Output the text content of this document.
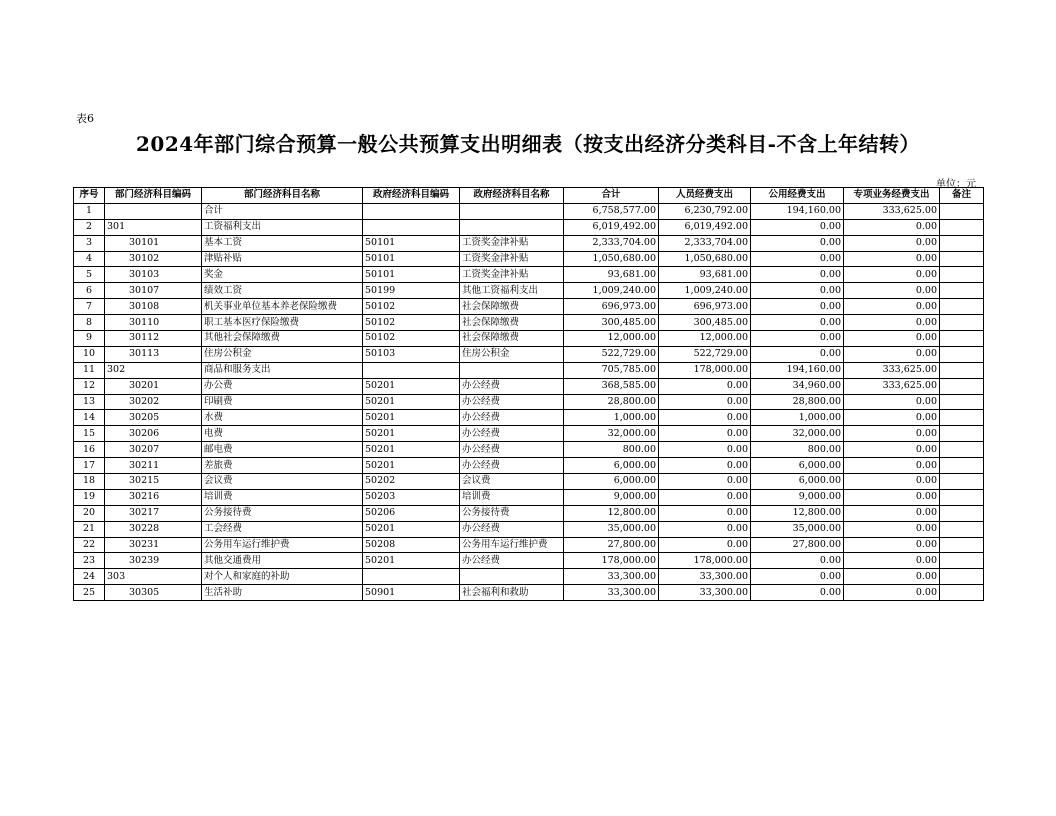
表6
2024年部门综合预算一般公共预算支出明细表（按支出经济分类科目-不含上年结转）
单位：元
序号	部门经济科目编码	部门经济科目名称	政府经济科目编码	政府经济科目名称	合计	人员经费支出	公用经费支出	专项业务经费支出	备注
1		合计			6,758,577.00	6,230,792.00	194,160.00	333,625.00	
2	301	工资福利支出			6,019,492.00	6,019,492.00	0.00	0.00	
3	30101	基本工资	50101	工资奖金津补贴	2,333,704.00	2,333,704.00	0.00	0.00	
4	30102	津贴补贴	50101	工资奖金津补贴	1,050,680.00	1,050,680.00	0.00	0.00	
5	30103	奖金	50101	工资奖金津补贴	93,681.00	93,681.00	0.00	0.00	
6	30107	绩效工资	50199	其他工资福利支出	1,009,240.00	1,009,240.00	0.00	0.00	
7	30108	机关事业单位基本养老保险缴费	50102	社会保障缴费	696,973.00	696,973.00	0.00	0.00	
8	30110	职工基本医疗保险缴费	50102	社会保障缴费	300,485.00	300,485.00	0.00	0.00	
9	30112	其他社会保障缴费	50102	社会保障缴费	12,000.00	12,000.00	0.00	0.00	
10	30113	住房公积金	50103	住房公积金	522,729.00	522,729.00	0.00	0.00	
11	302	商品和服务支出			705,785.00	178,000.00	194,160.00	333,625.00	
12	30201	办公费	50201	办公经费	368,585.00	0.00	34,960.00	333,625.00	
13	30202	印刷费	50201	办公经费	28,800.00	0.00	28,800.00	0.00	
14	30205	水费	50201	办公经费	1,000.00	0.00	1,000.00	0.00	
15	30206	电费	50201	办公经费	32,000.00	0.00	32,000.00	0.00	
16	30207	邮电费	50201	办公经费	800.00	0.00	800.00	0.00	
17	30211	差旅费	50201	办公经费	6,000.00	0.00	6,000.00	0.00	
18	30215	会议费	50202	会议费	6,000.00	0.00	6,000.00	0.00	
19	30216	培训费	50203	培训费	9,000.00	0.00	9,000.00	0.00	
20	30217	公务接待费	50206	公务接待费	12,800.00	0.00	12,800.00	0.00	
21	30228	工会经费	50201	办公经费	35,000.00	0.00	35,000.00	0.00	
22	30231	公务用车运行维护费	50208	公务用车运行维护费	27,800.00	0.00	27,800.00	0.00	
23	30239	其他交通费用	50201	办公经费	178,000.00	178,000.00	0.00	0.00	
24	303	对个人和家庭的补助			33,300.00	33,300.00	0.00	0.00	
25	30305	生活补助	50901	社会福利和救助	33,300.00	33,300.00	0.00	0.00	
